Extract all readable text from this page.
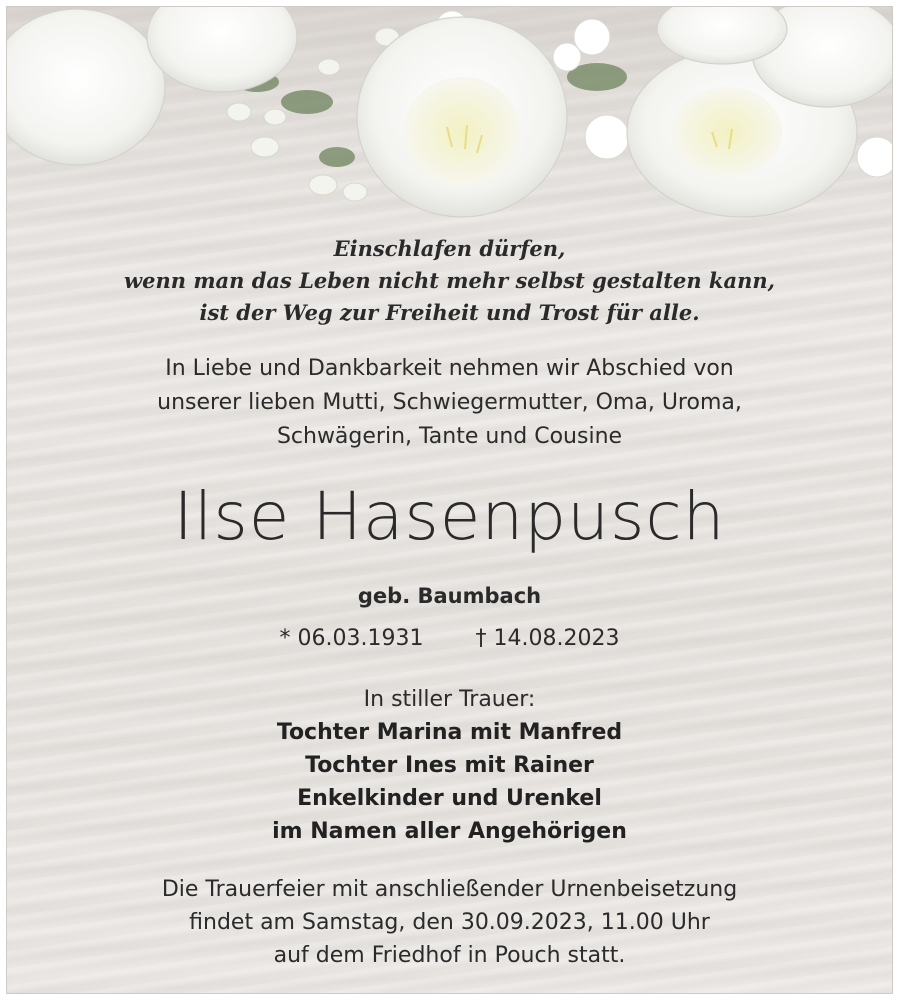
Einschlafen dürfen,
wenn man das Leben nicht mehr selbst gestalten kann,
ist der Weg zur Freiheit und Trost für alle.

In Liebe und Dankbarkeit nehmen wir Abschied von
unserer lieben Mutti, Schwiegermutter, Oma, Uroma,
Schwägerin, Tante und Cousine

Ilse Hasenpusch

geb. Baumbach

* 06.03.1931 † 14.08.2023

In stiller Trauer:

Tochter Marina mit Manfred
Tochter Ines mit Rainer
Enkelkinder und Urenkel
im Namen aller Angehörigen

Die Trauerfeier mit anschließender Urnenbeisetzung
findet am Samstag, den 30.09.2023, 11.00 Uhr
auf dem Friedhof in Pouch statt.
